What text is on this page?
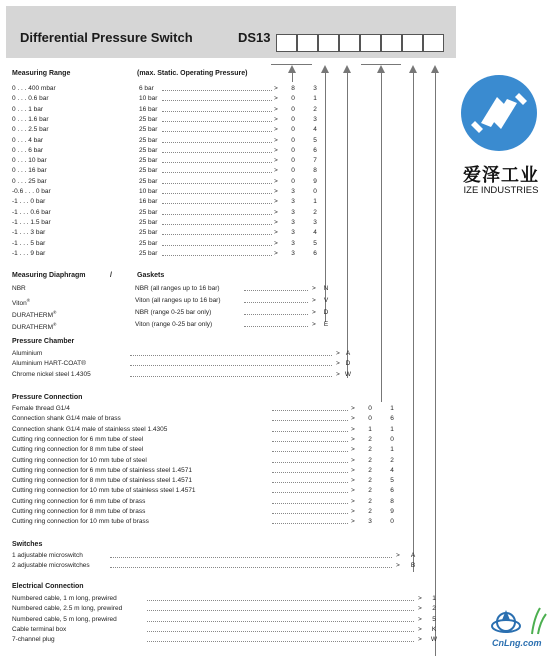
Differential Pressure Switch	DS13
爱泽工业
IZE INDUSTRIES
Measuring Range	(max. Static. Operating Pressure)
0 . . . 400 mbar	6 bar	>	8	3
0 . . . 0.6 bar	10 bar	>	0	1
0 . . . 1 bar	16 bar	>	0	2
0 . . . 1.6 bar	25 bar	>	0	3
0 . . . 2.5 bar	25 bar	>	0	4
0 . . . 4 bar	25 bar	>	0	5
0 . . . 6 bar	25 bar	>	0	6
0 . . . 10 bar	25 bar	>	0	7
0 . . . 16 bar	25 bar	>	0	8
0 . . . 25 bar	25 bar	>	0	9
-0.6 . . . 0 bar	10 bar	>	3	0
-1 . . . 0 bar	16 bar	>	3	1
-1 . . . 0.6 bar	25 bar	>	3	2
-1 . . . 1.5 bar	25 bar	>	3	3
-1 . . . 3 bar	25 bar	>	3	4
-1 . . . 5 bar	25 bar	>	3	5
-1 . . . 9 bar	25 bar	>	3	6
Measuring Diaphragm	/	Gaskets
NBR	NBR (all ranges up to 16 bar)	>	N
Viton®	Viton (all ranges up to 16 bar)	>	V
DURATHERM®	NBR (range 0-25 bar only)	>	D
DURATHERM®	Viton (range 0-25 bar only)	>	E
Pressure Chamber
Aluminium	> A
Aluminium HART-COAT®	> D
Chrome nickel steel 1.4305	> W
Pressure Connection
Female thread G1/4	>	0	1
Connection shank G1/4 male of brass	>	0	6
Connection shank G1/4 male of stainless steel 1.4305	>	1	1
Cutting ring connection for 6 mm tube of steel	>	2	0
Cutting ring connection for 8 mm tube of steel	>	2	1
Cutting ring connection for 10 mm tube of steel	>	2	2
Cutting ring connection for 6 mm tube of stainless steel 1.4571	>	2	4
Cutting ring connection for 8 mm tube of stainless steel 1.4571	>	2	5
Cutting ring connection for 10 mm tube of stainless steel 1.4571	>	2	6
Cutting ring connection for 6 mm tube of brass	>	2	8
Cutting ring connection for 8 mm tube of brass	>	2	9
Cutting ring connection for 10 mm tube of brass	>	3	0
Switches
1 adjustable microswitch	>	A
2 adjustable microswitches	>	B
Electrical Connection
Numbered cable, 1 m long, prewired	>	1
Numbered cable, 2.5 m long, prewired	>	2
Numbered cable, 5 m long, prewired	>	5
Cable terminal box	>	K
7-channel plug	>	W	CnLng.com
